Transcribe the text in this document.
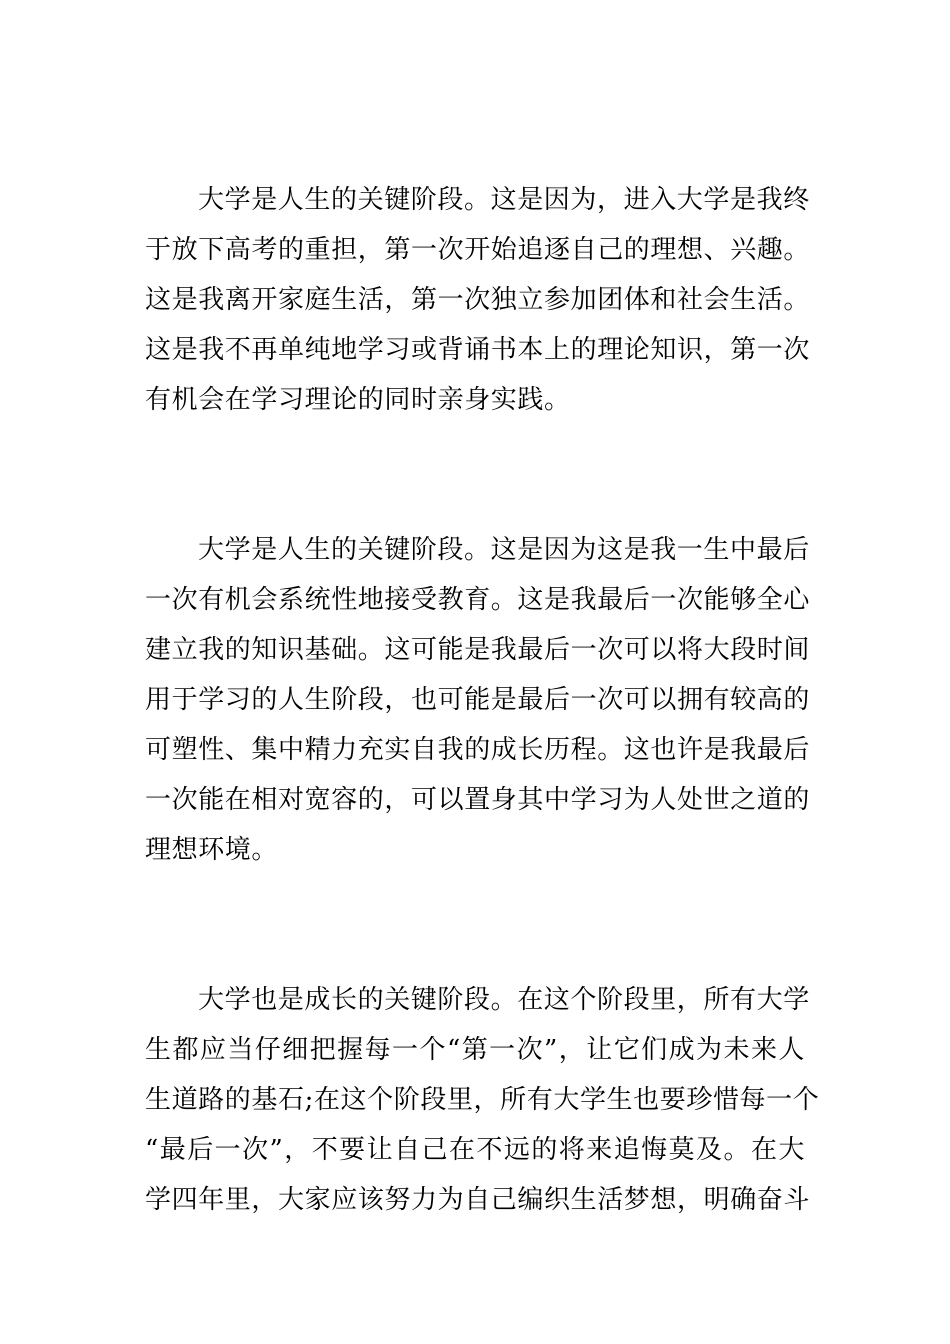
大学是人生的关键阶段。这是因为，进入大学是我终
于放下高考的重担，第一次开始追逐自己的理想、兴趣。
这是我离开家庭生活，第一次独立参加团体和社会生活。
这是我不再单纯地学习或背诵书本上的理论知识，第一次
有机会在学习理论的同时亲身实践。
大学是人生的关键阶段。这是因为这是我一生中最后
一次有机会系统性地接受教育。这是我最后一次能够全心
建立我的知识基础。这可能是我最后一次可以将大段时间
用于学习的人生阶段，也可能是最后一次可以拥有较高的
可塑性、集中精力充实自我的成长历程。这也许是我最后
一次能在相对宽容的，可以置身其中学习为人处世之道的
理想环境。
大学也是成长的关键阶段。在这个阶段里，所有大学
生都应当仔细把握每一个“第一次”，让它们成为未来人
生道路的基石;在这个阶段里，所有大学生也要珍惜每一个
“最后一次”，不要让自己在不远的将来追悔莫及。在大
学四年里，大家应该努力为自己编织生活梦想，明确奋斗
